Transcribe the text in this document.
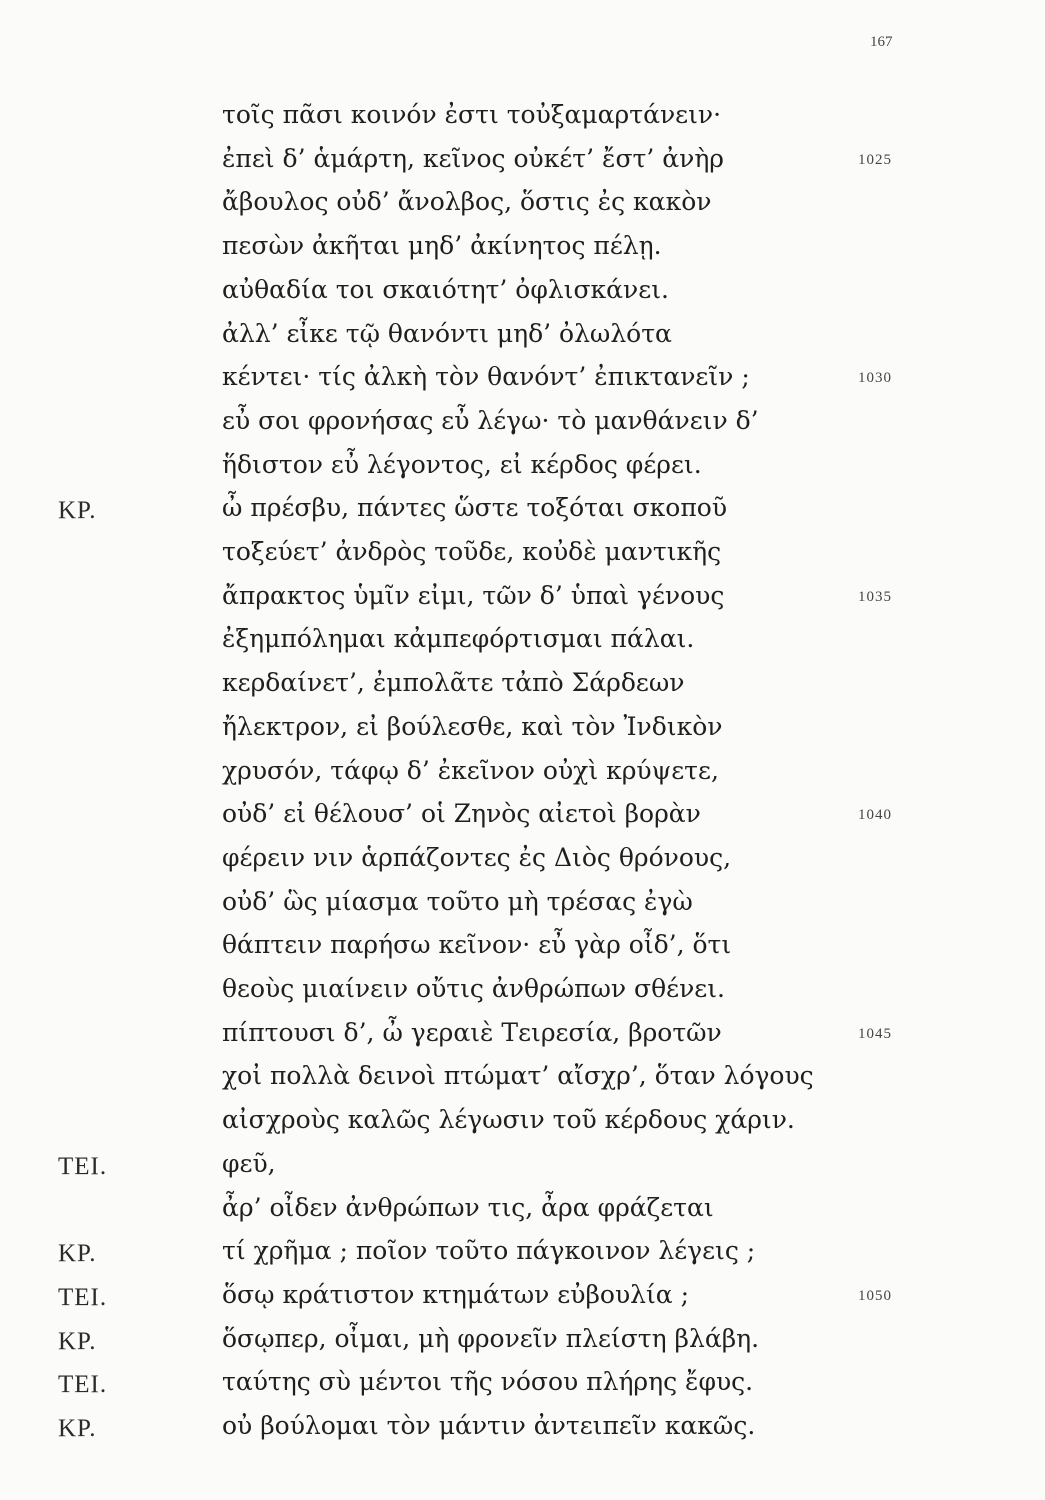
167
τοῖς πᾶσι κοινόν ἐστι τοὐξαμαρτάνειν·
ἐπεὶ δ’ ἁμάρτη, κεῖνος οὐκέτ’ ἔστ’ ἀνὴρ	1025
ἄβουλος οὐδ’ ἄνολβος, ὅστις ἐς κακὸν
πεσὼν ἀκῆται μηδ’ ἀκίνητος πέλῃ.
αὐθαδία τοι σκαιότητ’ ὀφλισκάνει.
ἀλλ’ εἶκε τῷ θανόντι μηδ’ ὀλωλότα
κέντει· τίς ἀλκὴ τὸν θανόντ’ ἐπικτανεῖν ;	1030
εὖ σοι φρονήσας εὖ λέγω· τὸ μανθάνειν δ’
ἥδιστον εὖ λέγοντος, εἰ κέρδος φέρει.
ΚΡ.	ὦ πρέσβυ, πάντες ὥστε τοξόται σκοποῦ
τοξεύετ’ ἀνδρὸς τοῦδε, κοὐδὲ μαντικῆς
ἄπρακτος ὑμῖν εἰμι, τῶν δ’ ὑπαὶ γένους	1035
ἐξημπόλημαι κἀμπεφόρτισμαι πάλαι.
κερδαίνετ’, ἐμπολᾶτε τἀπὸ Σάρδεων
ἤλεκτρον, εἰ βούλεσθε, καὶ τὸν Ἰνδικὸν
χρυσόν, τάφῳ δ’ ἐκεῖνον οὐχὶ κρύψετε,
οὐδ’ εἰ θέλουσ’ οἱ Ζηνὸς αἰετοὶ βορὰν	1040
φέρειν νιν ἁρπάζοντες ἐς Διὸς θρόνους,
οὐδ’ ὣς μίασμα τοῦτο μὴ τρέσας ἐγὼ
θάπτειν παρήσω κεῖνον· εὖ γὰρ οἶδ’, ὅτι
θεοὺς μιαίνειν οὔτις ἀνθρώπων σθένει.
πίπτουσι δ’, ὦ γεραιὲ Τειρεσία, βροτῶν	1045
χοἰ πολλὰ δεινοὶ πτώματ’ αἴσχρ’, ὅταν λόγους
αἰσχροὺς καλῶς λέγωσιν τοῦ κέρδους χάριν.
ΤΕΙ.	φεῦ,
ἆρ’ οἶδεν ἀνθρώπων τις, ἆρα φράζεται
ΚΡ.	τί χρῆμα ; ποῖον τοῦτο πάγκοινον λέγεις ;
ΤΕΙ.	ὅσῳ κράτιστον κτημάτων εὐβουλία ;	1050
ΚΡ.	ὅσῳπερ, οἶμαι, μὴ φρονεῖν πλείστη βλάβη.
ΤΕΙ.	ταύτης σὺ μέντοι τῆς νόσου πλήρης ἔφυς.
ΚΡ.	οὐ βούλομαι τὸν μάντιν ἀντειπεῖν κακῶς.
